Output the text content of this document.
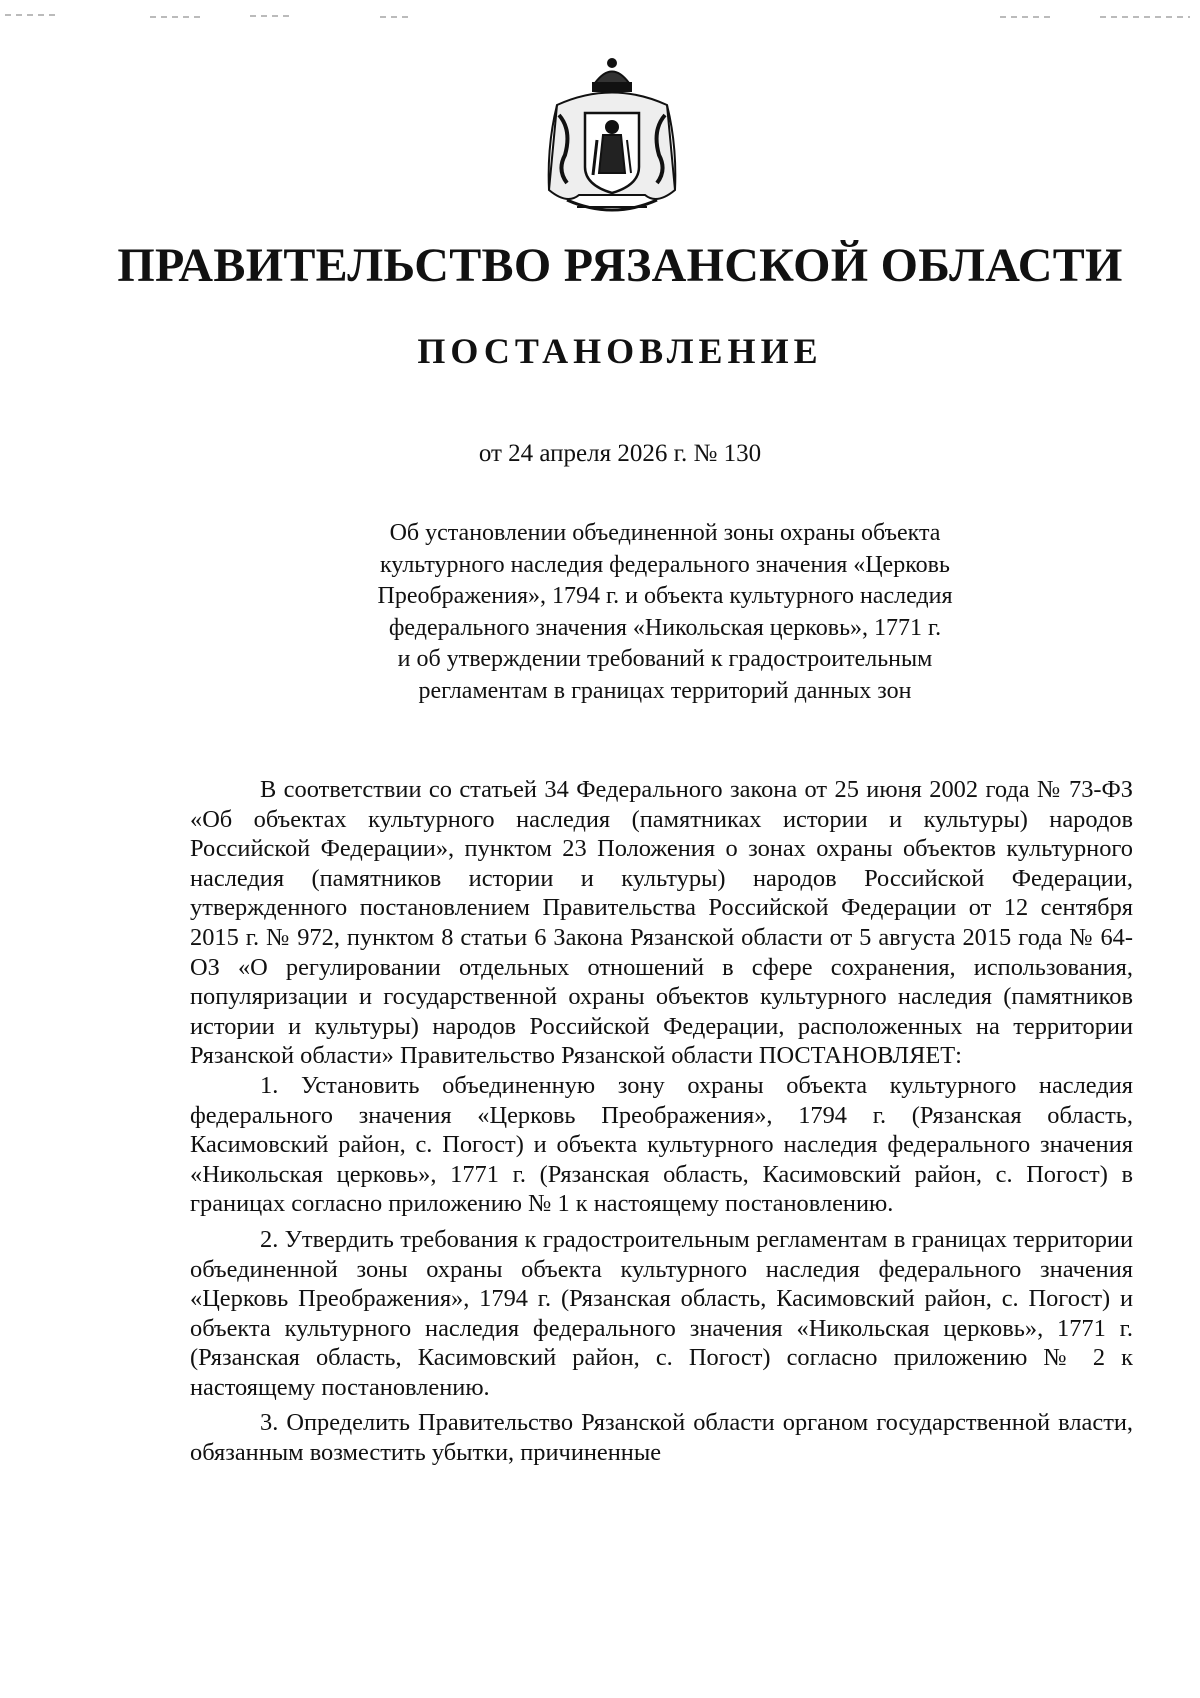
ПРАВИТЕЛЬСТВО РЯЗАНСКОЙ ОБЛАСТИ
ПОСТАНОВЛЕНИЕ
от 24 апреля 2026 г. № 130
Об установлении объединенной зоны охраны объекта
культурного наследия федерального значения «Церковь
Преображения», 1794 г. и объекта культурного наследия
федерального значения «Никольская церковь», 1771 г.
и об утверждении требований к градостроительным
регламентам в границах территорий данных зон

В соответствии со статьей 34 Федерального закона от 25 июня 2002 года № 73-ФЗ «Об объектах культурного наследия (памятниках истории и культуры) народов Российской Федерации», пунктом 23 Положения о зонах охраны объектов культурного наследия (памятников истории и культуры) народов Российской Федерации, утвержденного постановлением Правительства Российской Федерации от 12 сентября 2015 г. № 972, пунктом 8 статьи 6 Закона Рязанской области от 5 августа 2015 года № 64-ОЗ «О регулировании отдельных отношений в сфере сохранения, использования, популяризации и государственной охраны объектов культурного наследия (памятников истории и культуры) народов Российской Федерации, расположенных на территории Рязанской области» Правительство Рязанской области ПОСТАНОВЛЯЕТ:

1. Установить объединенную зону охраны объекта культурного наследия федерального значения «Церковь Преображения», 1794 г. (Рязанская область, Касимовский район, с. Погост) и объекта культурного наследия федерального значения «Никольская церковь», 1771 г. (Рязанская область, Касимовский район, с. Погост) в границах согласно приложению № 1 к настоящему постановлению.

2. Утвердить требования к градостроительным регламентам в границах территории объединенной зоны охраны объекта культурного наследия федерального значения «Церковь Преображения», 1794 г. (Рязанская область, Касимовский район, с. Погост) и объекта культурного наследия федерального значения «Никольская церковь», 1771 г. (Рязанская область, Касимовский район, с. Погост) согласно приложению № 2 к настоящему постановлению.

3. Определить Правительство Рязанской области органом государственной власти, обязанным возместить убытки, причиненные
